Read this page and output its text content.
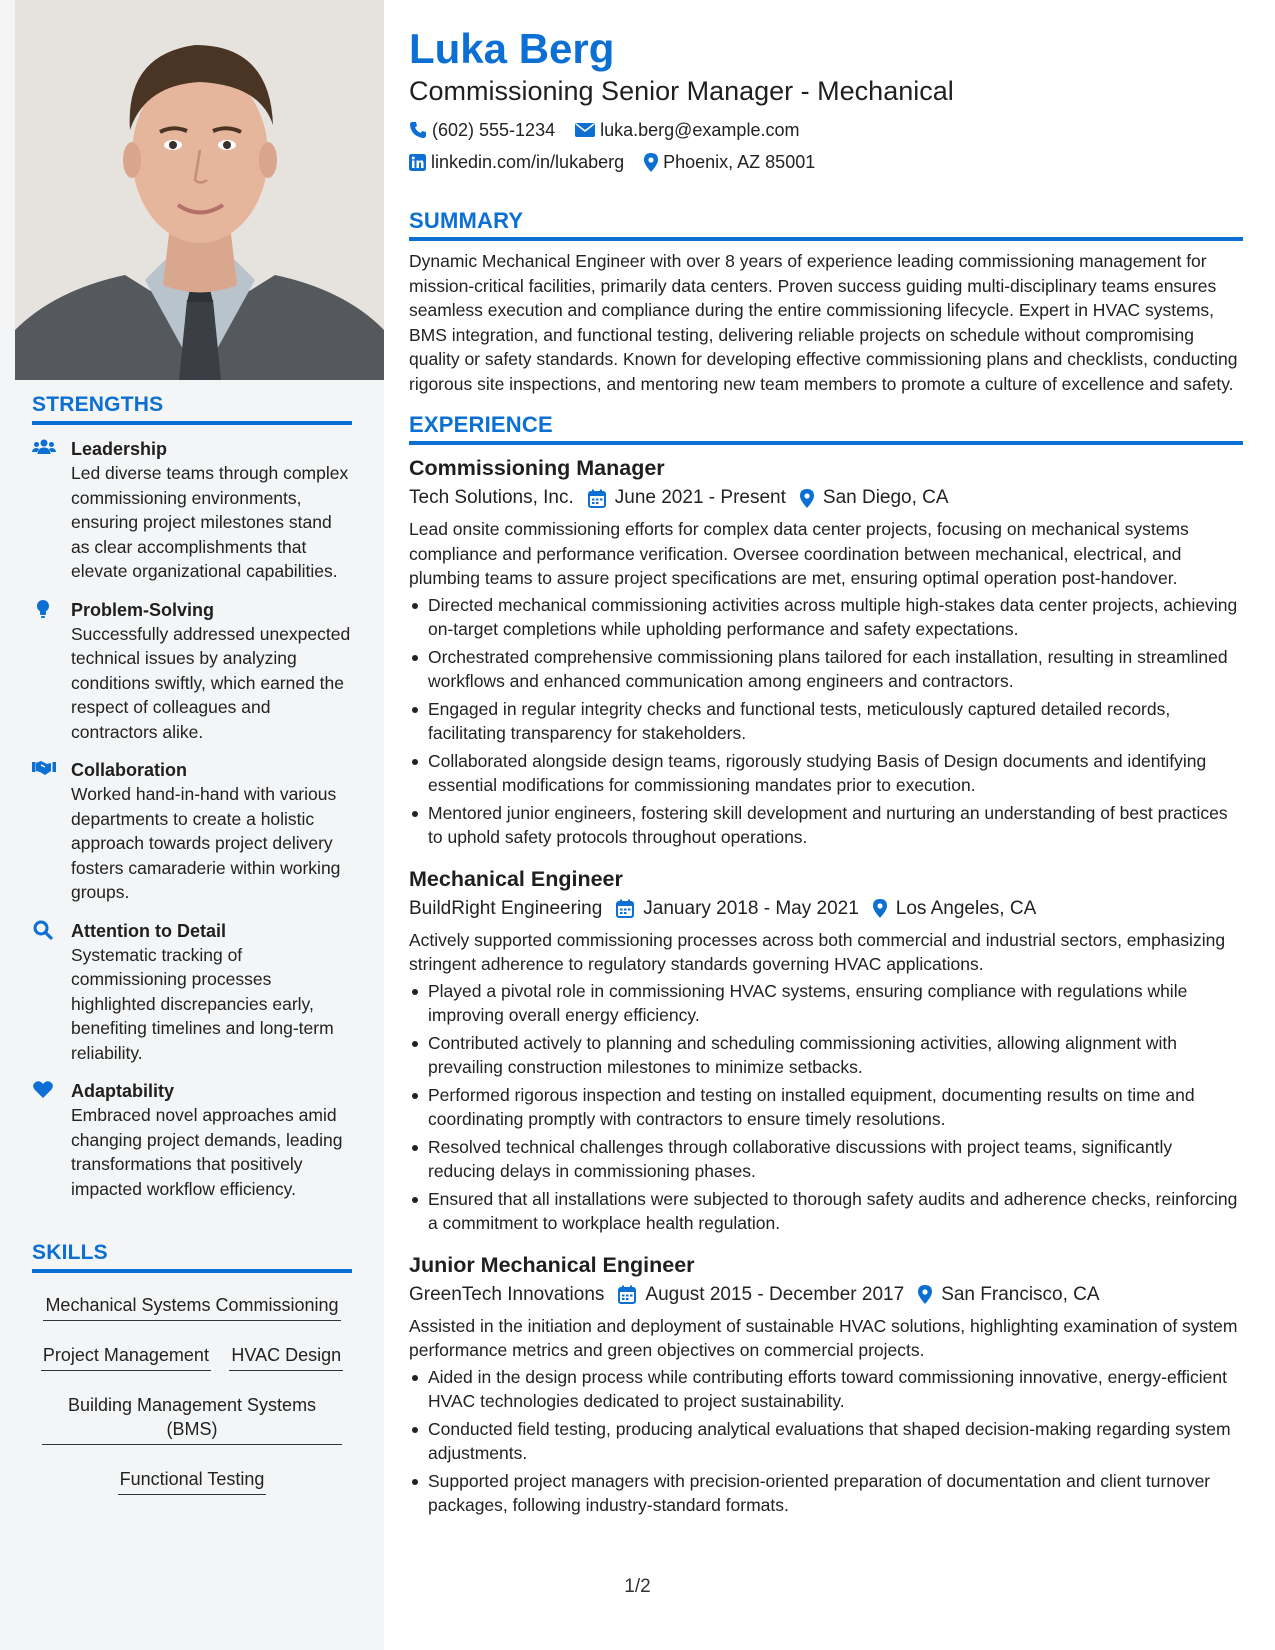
STRENGTHS
Leadership

Led diverse teams through complex commissioning environments, ensuring project milestones stand as clear accomplishments that elevate organizational capabilities.

Problem-Solving

Successfully addressed unexpected technical issues by analyzing conditions swiftly, which earned the respect of colleagues and contractors alike.

Collaboration

Worked hand-in-hand with various departments to create a holistic approach towards project delivery fosters camaraderie within working groups.

Attention to Detail

Systematic tracking of commissioning processes highlighted discrepancies early, benefiting timelines and long-term reliability.

Adaptability

Embraced novel approaches amid changing project demands, leading transformations that positively impacted workflow efficiency.

SKILLS
Mechanical Systems Commissioning Project Management HVAC Design Building Management Systems (BMS) Functional Testing
Luka Berg
Commissioning Senior Manager - Mechanical
(602) 555-1234	luka.berg@example.com
linkedin.com/in/lukaberg Phoenix, AZ 85001
SUMMARY

Dynamic Mechanical Engineer with over 8 years of experience leading commissioning management for mission-critical facilities, primarily data centers. Proven success guiding multi-disciplinary teams ensures seamless execution and compliance during the entire commissioning lifecycle. Expert in HVAC systems, BMS integration, and functional testing, delivering reliable projects on schedule without compromising quality or safety standards. Known for developing effective commissioning plans and checklists, conducting rigorous site inspections, and mentoring new team members to promote a culture of excellence and safety.

EXPERIENCE
Commissioning Manager
Tech Solutions, Inc. June 2021 - Present San Diego, CA

Lead onsite commissioning efforts for complex data center projects, focusing on mechanical systems compliance and performance verification. Oversee coordination between mechanical, electrical, and plumbing teams to assure project specifications are met, ensuring optimal operation post-handover.

Directed mechanical commissioning activities across multiple high-stakes data center projects, achieving on-target completions while upholding performance and safety expectations.
Orchestrated comprehensive commissioning plans tailored for each installation, resulting in streamlined workflows and enhanced communication among engineers and contractors.
Engaged in regular integrity checks and functional tests, meticulously captured detailed records, facilitating transparency for stakeholders.
Collaborated alongside design teams, rigorously studying Basis of Design documents and identifying essential modifications for commissioning mandates prior to execution.
Mentored junior engineers, fostering skill development and nurturing an understanding of best practices to uphold safety protocols throughout operations.
Mechanical Engineer
BuildRight Engineering January 2018 - May 2021 Los Angeles, CA

Actively supported commissioning processes across both commercial and industrial sectors, emphasizing stringent adherence to regulatory standards governing HVAC applications.

Played a pivotal role in commissioning HVAC systems, ensuring compliance with regulations while improving overall energy efficiency.
Contributed actively to planning and scheduling commissioning activities, allowing alignment with prevailing construction milestones to minimize setbacks.
Performed rigorous inspection and testing on installed equipment, documenting results on time and coordinating promptly with contractors to ensure timely resolutions.
Resolved technical challenges through collaborative discussions with project teams, significantly reducing delays in commissioning phases.
Ensured that all installations were subjected to thorough safety audits and adherence checks, reinforcing a commitment to workplace health regulation.
Junior Mechanical Engineer
GreenTech Innovations August 2015 - December 2017 San Francisco, CA

Assisted in the initiation and deployment of sustainable HVAC solutions, highlighting examination of system performance metrics and green objectives on commercial projects.

Aided in the design process while contributing efforts toward commissioning innovative, energy-efficient HVAC technologies dedicated to project sustainability.
Conducted field testing, producing analytical evaluations that shaped decision-making regarding system adjustments.
Supported project managers with precision-oriented preparation of documentation and client turnover packages, following industry-standard formats.
1/2
